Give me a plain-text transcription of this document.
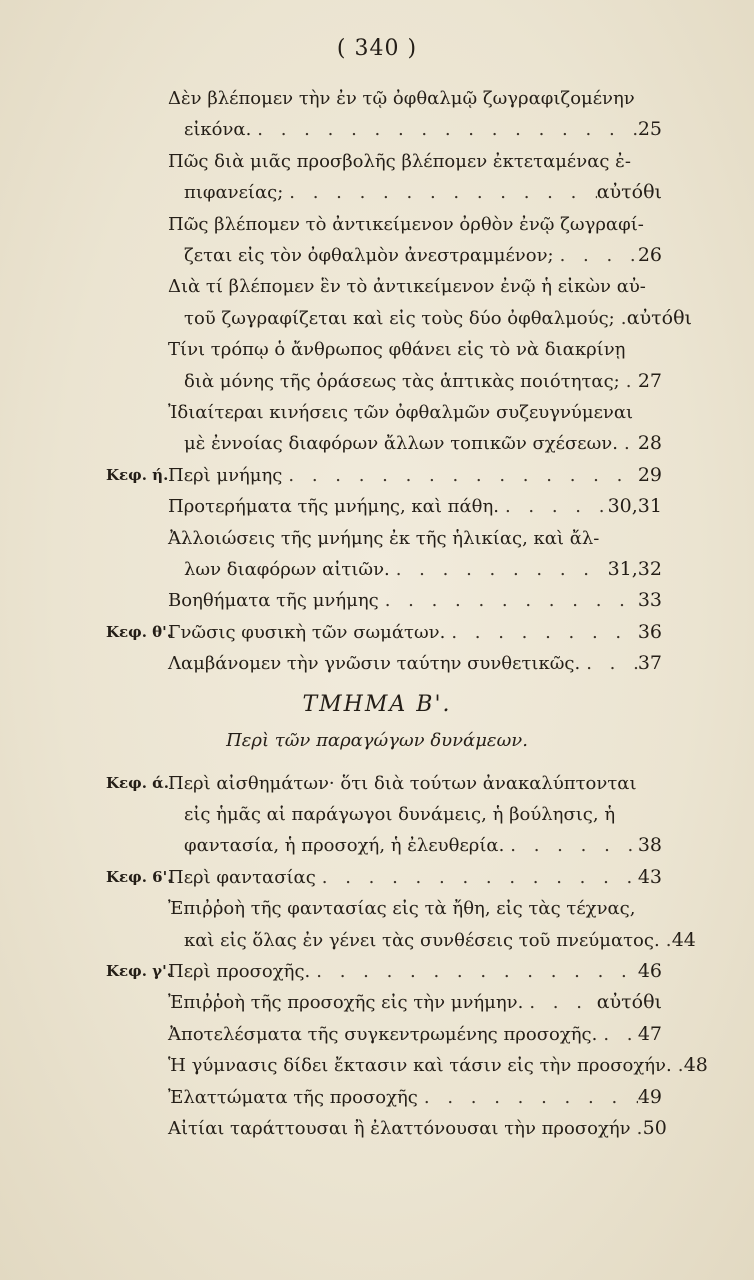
( 340 )
Δὲν βλέπομεν τὴν ἐν τῷ ὀφθαλμῷ ζωγραφιζομένην
εἰκόνα. . . .	25
Πῶς διὰ μιᾶς προσβολῆς βλέπομεν ἐκτεταμένας ἐ-
πιφανείας; . . .	αὐτόθι
Πῶς βλέπομεν τὸ ἀντικείμενον ὀρθὸν ἐνῷ ζωγραφί-
ζεται εἰς τὸν ὀφθαλμὸν ἀνεστραμμένον; . . .	26
Διὰ τί βλέπομεν ἓν τὸ ἀντικείμενον ἐνῷ ἡ εἰκὼν αὐ-
τοῦ ζωγραφίζεται καὶ εἰς τοὺς δύο ὀφθαλμούς; . . . αὐτόθι
Τίνι τρόπῳ ὁ ἄνθρωπος φθάνει εἰς τὸ νὰ διακρίνῃ
διὰ μόνης τῆς ὁράσεως τὰς ἁπτικὰς ποιότητας; . . . 27
Ἰδιαίτεραι κινήσεις τῶν ὀφθαλμῶν συζευγνύμεναι
μὲ ἐννοίας διαφόρων ἄλλων τοπικῶν σχέσεων. . . . 28
Κεφ. ή. Περὶ μνήμης . . .	29
Προτερήματα τῆς μνήμης, καὶ πάθη. . . .	30,31
Ἀλλοιώσεις τῆς μνήμης ἐκ τῆς ἡλικίας, καὶ ἄλ-
λων διαφόρων αἰτιῶν. . . .	31,32
Βοηθήματα τῆς μνήμης . . .	33
Κεφ. θ'.
Γνῶσις φυσικὴ τῶν σωμάτων. . . .	36
Λαμβάνομεν τὴν γνῶσιν ταύτην συνθετικῶς. . . .	37
ΤΜΗΜΑ Β'.
Περὶ τῶν παραγώγων δυνάμεων.
Κεφ. ά. Περὶ αἰσθημάτων· ὅτι διὰ τούτων ἀνακαλύπτονται
εἰς ἡμᾶς αἱ παράγωγοι δυνάμεις, ἡ βούλησις, ἡ
φαντασία, ἡ προσοχή, ἡ ἐλευθερία. . . .	38
Κεφ. 6'.
Περὶ φαντασίας . . .	43
Ἐπιῤῥοὴ τῆς φαντασίας εἰς τὰ ἤθη, εἰς τὰς τέχνας,
καὶ εἰς ὅλας ἐν γένει τὰς συνθέσεις τοῦ πνεύματος. . . . 44
Κεφ. γ'.
Περὶ προσοχῆς. . . .	46
Ἐπιῤῥοὴ τῆς προσοχῆς εἰς τὴν μνήμην. . . .	αὐτόθι
Ἀποτελέσματα τῆς συγκεντρωμένης προσοχῆς. . . . 47
Ἡ γύμνασις δίδει ἔκτασιν καὶ τάσιν εἰς τὴν προσοχήν. . . . 48
Ἐλαττώματα τῆς προσοχῆς . . .	49
Αἰτίαι ταράττουσαι ἢ ἐλαττόνουσαι τὴν προσοχήν . . . 50
